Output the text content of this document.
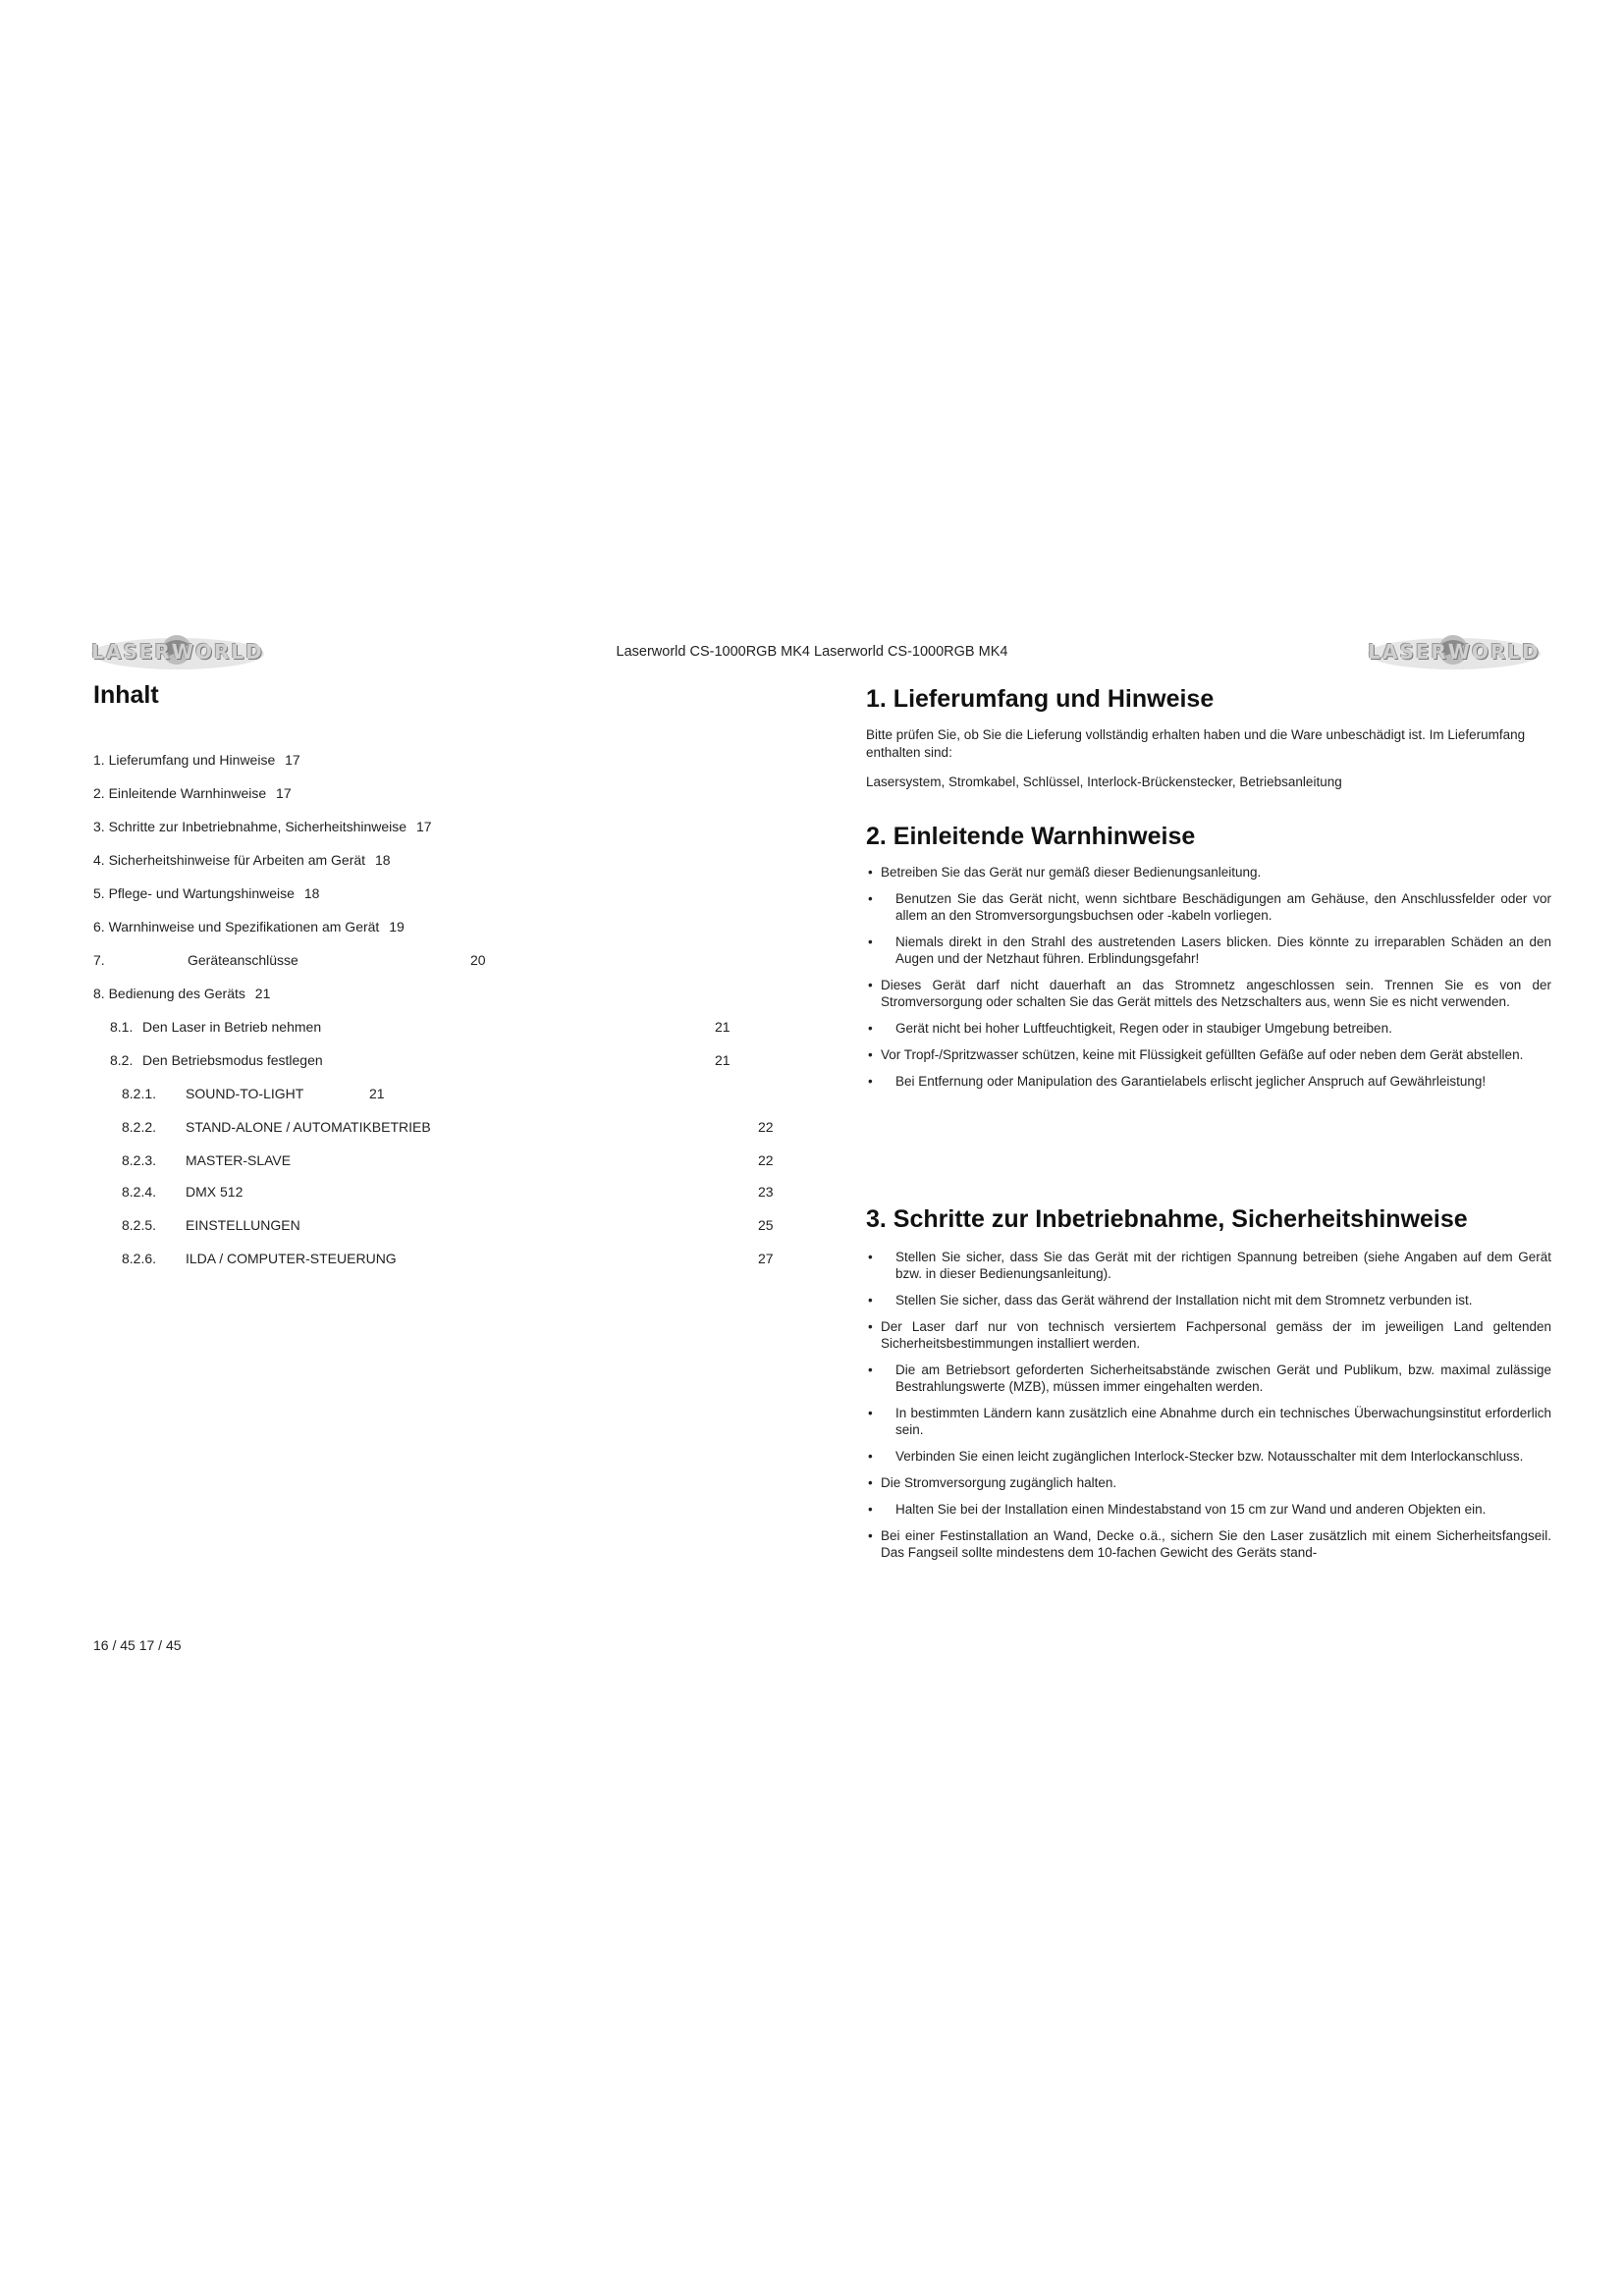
LASERWORLD	Laserworld CS-1000RGB MK4 Laserworld CS-1000RGB MK4	LASERWORLD
Inhalt
1. Lieferumfang und Hinweise 17
2. Einleitende Warnhinweise 17
3. Schritte zur Inbetriebnahme, Sicherheitshinweise 17
4. Sicherheitshinweise für Arbeiten am Gerät 18
5. Pflege- und Wartungshinweise 18
6. Warnhinweise und Spezifikationen am Gerät 19
7.	Geräteanschlüsse	20
8. Bedienung des Geräts 21
8.1. Den Laser in Betrieb nehmen	21
8.2. Den Betriebsmodus festlegen	21
8.2.1. SOUND-TO-LIGHT	21
8.2.2. STAND-ALONE / AUTOMATIKBETRIEB	22
8.2.3. MASTER-SLAVE	22
8.2.4. DMX 512	23
8.2.5. EINSTELLUNGEN	25
8.2.6. ILDA / COMPUTER-STEUERUNG	27
16 / 45 17 / 45
1. Lieferumfang und Hinweise
Bitte prüfen Sie, ob Sie die Lieferung vollständig erhalten haben und die Ware unbeschädigt ist. Im Lieferumfang enthalten sind:
Lasersystem, Stromkabel, Schlüssel, Interlock-Brückenstecker, Betriebsanleitung
2. Einleitende Warnhinweise
• Betreiben Sie das Gerät nur gemäß dieser Bedienungsanleitung.
• Benutzen Sie das Gerät nicht, wenn sichtbare Beschädigungen am Gehäuse, den Anschlussfelder oder vor allem an den Stromversorgungsbuchsen oder -kabeln vorliegen.
• Niemals direkt in den Strahl des austretenden Lasers blicken. Dies könnte zu irreparablen Schäden an den Augen und der Netzhaut führen. Erblindungsgefahr!
• Dieses Gerät darf nicht dauerhaft an das Stromnetz angeschlossen sein. Trennen Sie es von der Stromversorgung oder schalten Sie das Gerät mittels des Netzschalters aus, wenn Sie es nicht verwenden.
• Gerät nicht bei hoher Luftfeuchtigkeit, Regen oder in staubiger Umgebung betreiben.
• Vor Tropf-/Spritzwasser schützen, keine mit Flüssigkeit gefüllten Gefäße auf oder neben dem Gerät abstellen.
• Bei Entfernung oder Manipulation des Garantielabels erlischt jeglicher Anspruch auf Gewährleistung!
3. Schritte zur Inbetriebnahme, Sicherheitshinweise
• Stellen Sie sicher, dass Sie das Gerät mit der richtigen Spannung betreiben (siehe Angaben auf dem Gerät bzw. in dieser Bedienungsanleitung).
• Stellen Sie sicher, dass das Gerät während der Installation nicht mit dem Stromnetz verbunden ist.
• Der Laser darf nur von technisch versiertem Fachpersonal gemäss der im jeweiligen Land geltenden Sicherheitsbestimmungen installiert werden.
• Die am Betriebsort geforderten Sicherheitsabstände zwischen Gerät und Publikum, bzw. maximal zulässige Bestrahlungswerte (MZB), müssen immer eingehalten werden.
• In bestimmten Ländern kann zusätzlich eine Abnahme durch ein technisches Überwachungsinstitut erforderlich sein.
• Verbinden Sie einen leicht zugänglichen Interlock-Stecker bzw. Notausschalter mit dem Interlockanschluss.
• Die Stromversorgung zugänglich halten.
• Halten Sie bei der Installation einen Mindestabstand von 15 cm zur Wand und anderen Objekten ein.
• Bei einer Festinstallation an Wand, Decke o.ä., sichern Sie den Laser zusätzlich mit einem Sicherheitsfangseil. Das Fangseil sollte mindestens dem 10-fachen Gewicht des Geräts stand-
